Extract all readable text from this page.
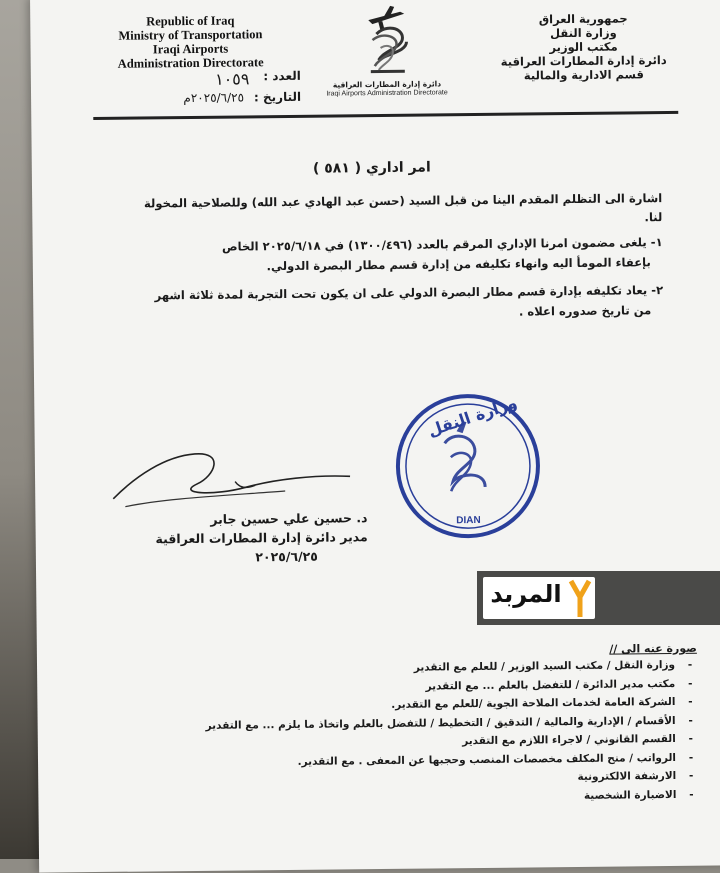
Republic of Iraq
Ministry of Transportation
Iraqi Airports
Administration Directorate
العدد :
١٠٥٩
التاريخ :
٢٠٢٥/٦/٢٥م
دائرة إدارة المطارات العراقية
Iraqi Airports Administration Directorate
جمهورية العراق
وزارة النقل
مكتب الوزير
دائرة إدارة المطارات العراقية
قسم الادارية والمالية
امر اداري ( ٥٨١ )
اشارة الى التظلم المقدم الينا من قبل السيد (حسن عبد الهادي عبد الله) وللصلاحية المخولة
لنا.
١- يلغى مضمون امرنا الإداري المرقم بالعدد (١٣٠٠/٤٩٦) في ٢٠٢٥/٦/١٨ الخاص
بإعفاء المومأ اليه وانهاء تكليفه من إدارة قسم مطار البصرة الدولي.
٢- يعاد تكليفه بإدارة قسم مطار البصرة الدولي على ان يكون تحت التجربة لمدة ثلاثة اشهر
من تاريخ صدوره اعلاه .
وزارة النقل
DIAN
د. حسين علي حسين جابر
مدير دائرة إدارة المطارات العراقية
٢٠٢٥/٦/٢٥
صورة عنه الى //
-
وزارة النقل / مكتب السيد الوزير / للعلم مع التقدير
-
مكتب مدير الدائرة / للتفضل بالعلم ... مع التقدير
-
الشركة العامة لخدمات الملاحة الجوية /للعلم مع التقدير.
-
الأقسام / الإدارية والمالية / التدقيق / التخطيط / للتفضل بالعلم واتخاذ ما يلزم ... مع التقدير
-
القسم القانوني / لاجراء اللازم مع التقدير
-
الرواتب / منح المكلف مخصصات المنصب وحجبها عن المعفى . مع التقدير.
-
الارشفة الالكترونية
-
الاضبارة الشخصية
المربد
